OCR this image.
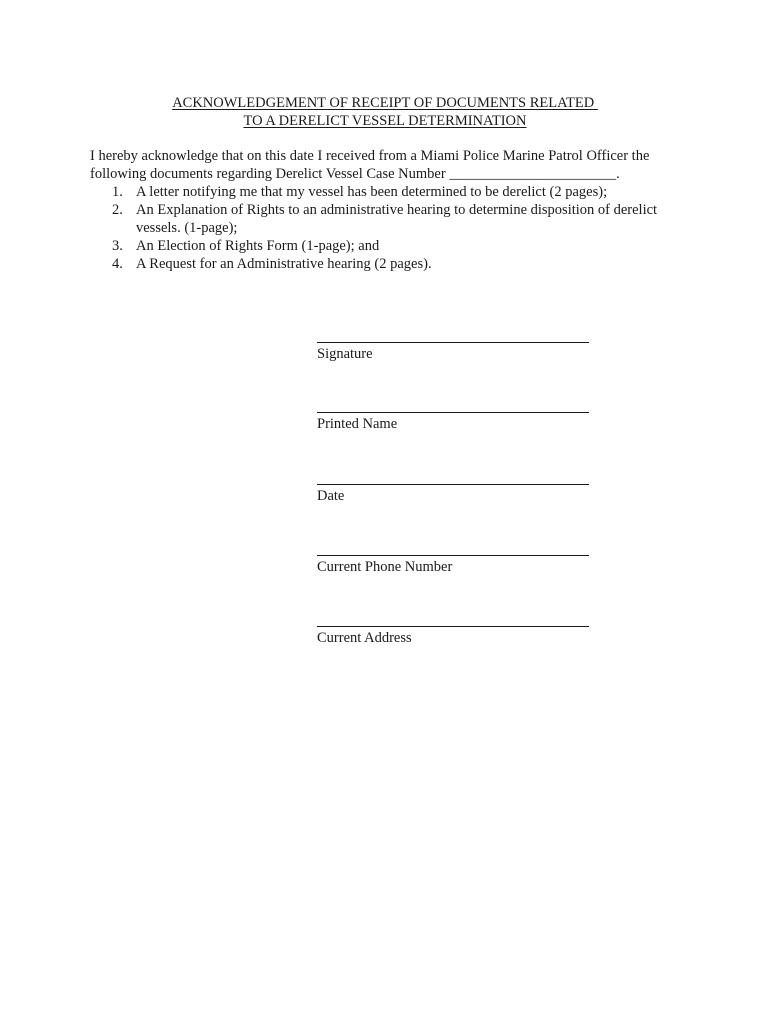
ACKNOWLEDGEMENT OF RECEIPT OF DOCUMENTS RELATED
TO A DERELICT VESSEL DETERMINATION
I hereby acknowledge that on this date I received from a Miami Police Marine Patrol Officer the
following documents regarding Derelict Vessel Case Number _______________________.
1. A letter notifying me that my vessel has been determined to be derelict (2 pages);
2. An Explanation of Rights to an administrative hearing to determine disposition of derelict
vessels. (1-page);
3. An Election of Rights Form (1-page); and
4. A Request for an Administrative hearing (2 pages).
Signature
Printed Name
Date
Current Phone Number
Current Address
